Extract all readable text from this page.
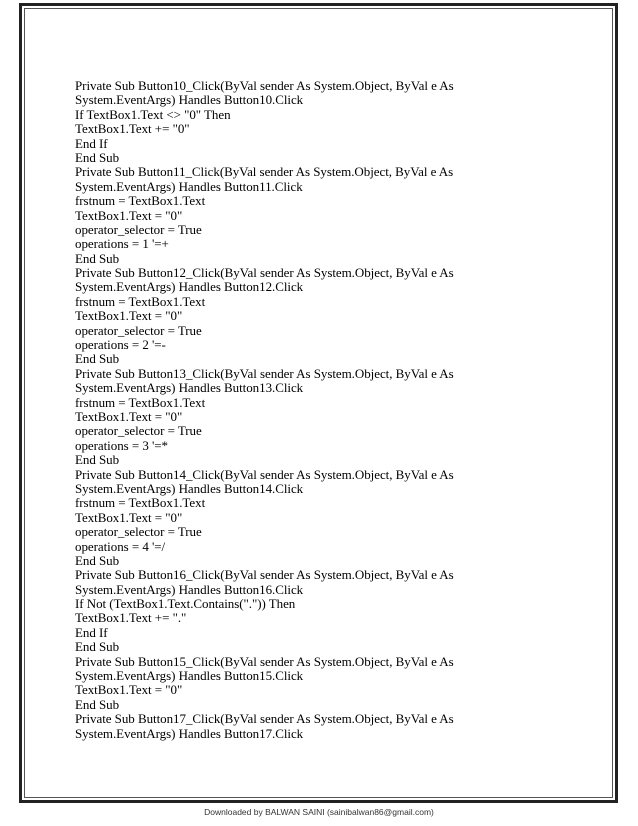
Private Sub Button10_Click(ByVal sender As System.Object, ByVal e As
System.EventArgs) Handles Button10.Click
If TextBox1.Text <> "0" Then
TextBox1.Text += "0"
End If
End Sub
Private Sub Button11_Click(ByVal sender As System.Object, ByVal e As
System.EventArgs) Handles Button11.Click
frstnum = TextBox1.Text
TextBox1.Text = "0"
operator_selector = True
operations = 1 '=+
End Sub
Private Sub Button12_Click(ByVal sender As System.Object, ByVal e As
System.EventArgs) Handles Button12.Click
frstnum = TextBox1.Text
TextBox1.Text = "0"
operator_selector = True
operations = 2 '=-
End Sub
Private Sub Button13_Click(ByVal sender As System.Object, ByVal e As
System.EventArgs) Handles Button13.Click
frstnum = TextBox1.Text
TextBox1.Text = "0"
operator_selector = True
operations = 3 '=*
End Sub
Private Sub Button14_Click(ByVal sender As System.Object, ByVal e As
System.EventArgs) Handles Button14.Click
frstnum = TextBox1.Text
TextBox1.Text = "0"
operator_selector = True
operations = 4 '=/
End Sub
Private Sub Button16_Click(ByVal sender As System.Object, ByVal e As
System.EventArgs) Handles Button16.Click
If Not (TextBox1.Text.Contains(".")) Then
TextBox1.Text += "."
End If
End Sub
Private Sub Button15_Click(ByVal sender As System.Object, ByVal e As
System.EventArgs) Handles Button15.Click
TextBox1.Text = "0"
End Sub
Private Sub Button17_Click(ByVal sender As System.Object, ByVal e As
System.EventArgs) Handles Button17.Click
Downloaded by BALWAN SAINI (sainibalwan86@gmail.com)
